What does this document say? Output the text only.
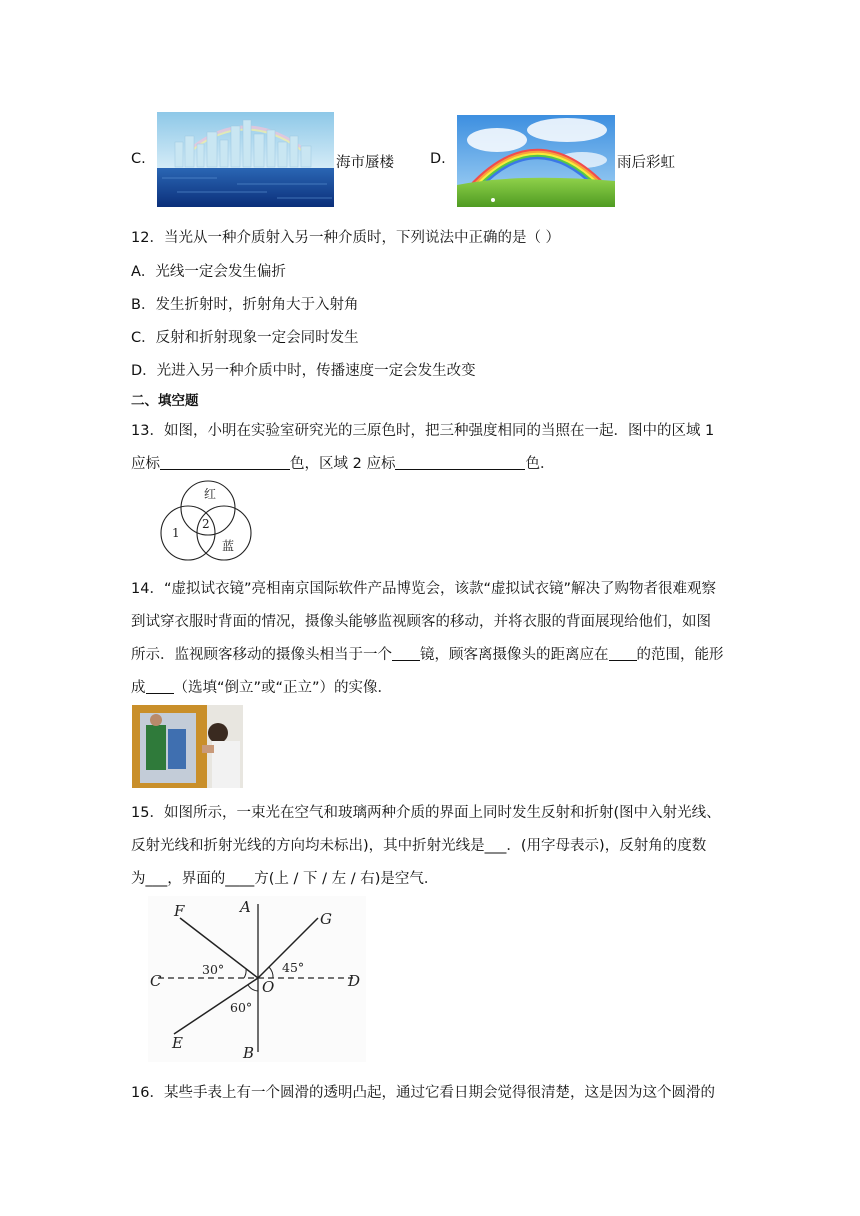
C.	海市蜃楼 D.	雨后彩虹
12．当光从一种介质射入另一种介质时，下列说法中正确的是（ ）
A．光线一定会发生偏折
B．发生折射时，折射角大于入射角
C．反射和折射现象一定会同时发生
D．光进入另一种介质中时，传播速度一定会发生改变
二、填空题
13．如图，小明在实验室研究光的三原色时，把三种强度相同的当照在一起．图中的区域 1
应标	色，区域 2 应标	色．
红
1
2
蓝
14．“虚拟试衣镜”亮相南京国际软件产品博览会，该款“虚拟试衣镜”解决了购物者很难观察
到试穿衣服时背面的情况，摄像头能够监视顾客的移动，并将衣服的背面展现给他们，如图
所示．监视顾客移动的摄像头相当于一个 镜，顾客离摄像头的距离应在 的范围，能形
成 （选填“倒立”或“正立”）的实像．
15．如图所示，一束光在空气和玻璃两种介质的界面上同时发生反射和折射(图中入射光线、
反射光线和折射光线的方向均未标出)，其中折射光线是___．(用字母表示)，反射角的度数
为___，界面的____方(上 / 下 / 左 / 右)是空气．
A
B
C	D
E
F	G
O
30°	45°
60°
16．某些手表上有一个圆滑的透明凸起，通过它看日期会觉得很清楚，这是因为这个圆滑的
